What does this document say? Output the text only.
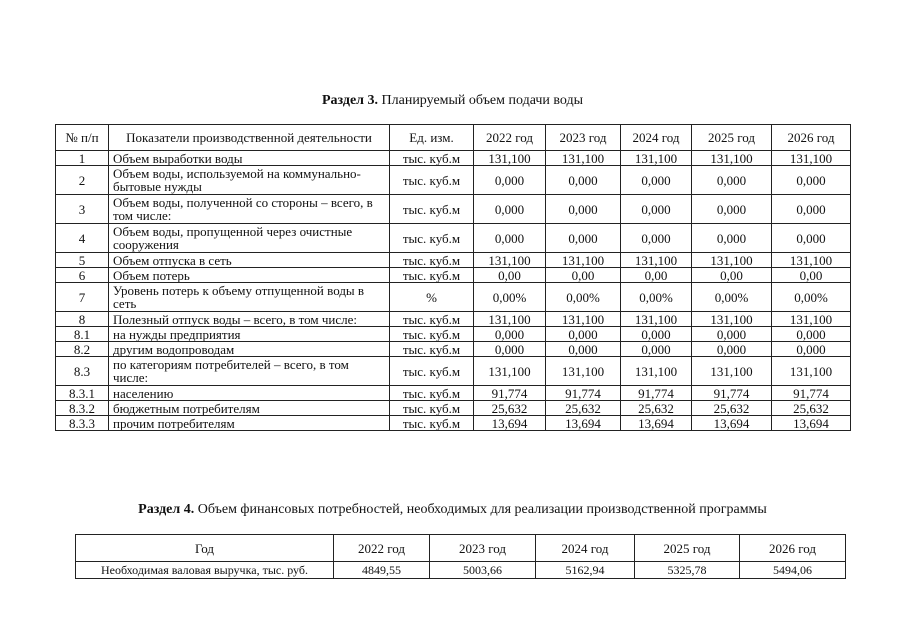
Раздел 3. Планируемый объем подачи воды
№ п/п	Показатели производственной деятельности	Ед. изм.	2022 год	2023 год	2024 год	2025 год	2026 год
1	Объем выработки воды	тыс. куб.м	131,100	131,100	131,100	131,100	131,100
2	Объем воды, используемой на коммунально-бытовые нужды	тыс. куб.м	0,000	0,000	0,000	0,000	0,000
3	Объем воды, полученной со стороны – всего, в том числе:	тыс. куб.м	0,000	0,000	0,000	0,000	0,000
4	Объем воды, пропущенной через очистные сооружения	тыс. куб.м	0,000	0,000	0,000	0,000	0,000
5	Объем отпуска в сеть	тыс. куб.м	131,100	131,100	131,100	131,100	131,100
6	Объем потерь	тыс. куб.м	0,00	0,00	0,00	0,00	0,00
7	Уровень потерь к объему отпущенной воды в сеть	%	0,00%	0,00%	0,00%	0,00%	0,00%
8	Полезный отпуск воды – всего, в том числе:	тыс. куб.м	131,100	131,100	131,100	131,100	131,100
8.1	на нужды предприятия	тыс. куб.м	0,000	0,000	0,000	0,000	0,000
8.2	другим водопроводам	тыс. куб.м	0,000	0,000	0,000	0,000	0,000
8.3	по категориям потребителей – всего, в том числе:	тыс. куб.м	131,100	131,100	131,100	131,100	131,100
8.3.1	населению	тыс. куб.м	91,774	91,774	91,774	91,774	91,774
8.3.2	бюджетным потребителям	тыс. куб.м	25,632	25,632	25,632	25,632	25,632
8.3.3	прочим потребителям	тыс. куб.м	13,694	13,694	13,694	13,694	13,694
Раздел 4. Объем финансовых потребностей, необходимых для реализации производственной программы
Год	2022 год	2023 год	2024 год	2025 год	2026 год
Необходимая валовая выручка, тыс. руб.	4849,55	5003,66	5162,94	5325,78	5494,06
